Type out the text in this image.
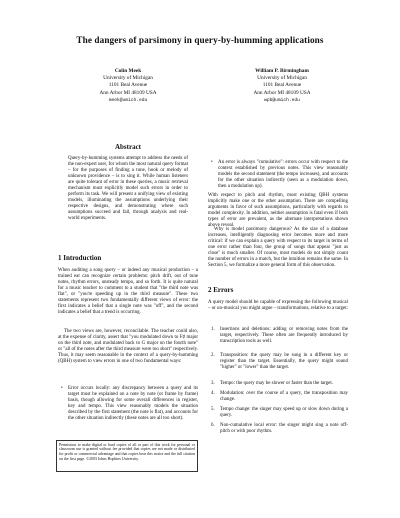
The dangers of parsimony in query-by-humming applications
Colin Meek
University of Michigan
1101 Beal Avenue
Ann Arbor MI 48109 USA
meek@umich.edu
William P. Birmingham
University of Michigan
1101 Beal Avenue
Ann Arbor MI 48109 USA
wpb@umich.edu
Abstract

Query-by-humming systems attempt to address the needs of the non-expert user, for whom the most natural query format – for the purposes of finding a tune, hook or melody of unknown providence – is to sing it. While human listeners are quite tolerant of error in these queries, a music retrieval mechanism must explicitly model such errors in order to perform its task. We will present a unifying view of existing models, illuminating the assumptions underlying their respective designs, and demonstrating where such assumptions succeed and fail, through analysis and real-world experiments.

1 Introduction

When auditing a song query – or indeed any musical production – a trained ear can recognize certain problems: pitch drift, out of tune notes, rhythm errors, unsteady tempo, and so forth. It is quite natural for a music teacher to comment to a student that "the third note was flat", or "you're speeding up in the third measure". These two statements represent two fundamentally different views of error: the first indicates a belief that a single note was "off", and the second indicates a belief that a trend is occurring.

The two views are, however, reconcilable. The teacher could also, at the expense of clarity, assert that "you modulated down to F♯ major on the third note, and modulated back to G major on the fourth note" or "all of the notes after the third measure were too short" respectively. Thus, it may seem reasonable in the context of a query-by-humming (QBH) system to view errors in one of two fundamental ways:

• Error occurs locally: any discrepancy between a query and its target must be explained on a note by note (or frame by frame) basis, though allowing for some overall differences in register, key and tempo. This view reasonably models the situation described by the first statement (the note is flat), and accounts for the other situation indirectly (these notes are all too short).
Permission to make digital or hard copies of all or part of this work for personal or classroom use is granted without fee provided that copies are not made or distributed for profit or commercial advantage and that copies bear this notice and the full citation on the first page. ©2003 Johns Hopkins University.
• An error is always "cumulative": errors occur with respect to the context established by previous notes. This view reasonably models the second statement (the tempo increases), and accounts for the other situation indirectly (seen as a modulation down, then a modulation up).

With respect to pitch and rhythm, most existing QBH systems implicitly make one or the other assumption. There are compelling arguments in favor of such assumptions, particularly with regards to model complexity. In addition, neither assumption is fatal even if both types of error are prevalent, as the alternate interpretations shown above reveal.

Why is model parsimony dangerous? As the size of a database increases, intelligently diagnosing error becomes more and more critical: if we can explain a query with respect to its target in terms of one error rather than four, the group of songs that appear "just as close" is much smaller. Of course, most models do not simply count the number of errors in a match, but the intuition remains the same. In Section 5, we formalize a more general form of this observation.

2 Errors

A query model should be capable of expressing the following musical – or un-musical you might argue – transformations, relative to a target:

1. Insertions and deletions: adding or removing notes from the target, respectively. These often are frequently introduced by transcription tools as well.
2. Transposition: the query may be sung in a different key or register than the target. Essentially, the query might sound "higher" or "lower" than the target.
3. Tempo: the query may be slower or faster than the target.
4. Modulation: over the course of a query, the transposition may change.
5. Tempo change: the singer may speed up or slow down during a query.
6. Non-cumulative local error: the singer might sing a note off-pitch or with poor rhythm.
